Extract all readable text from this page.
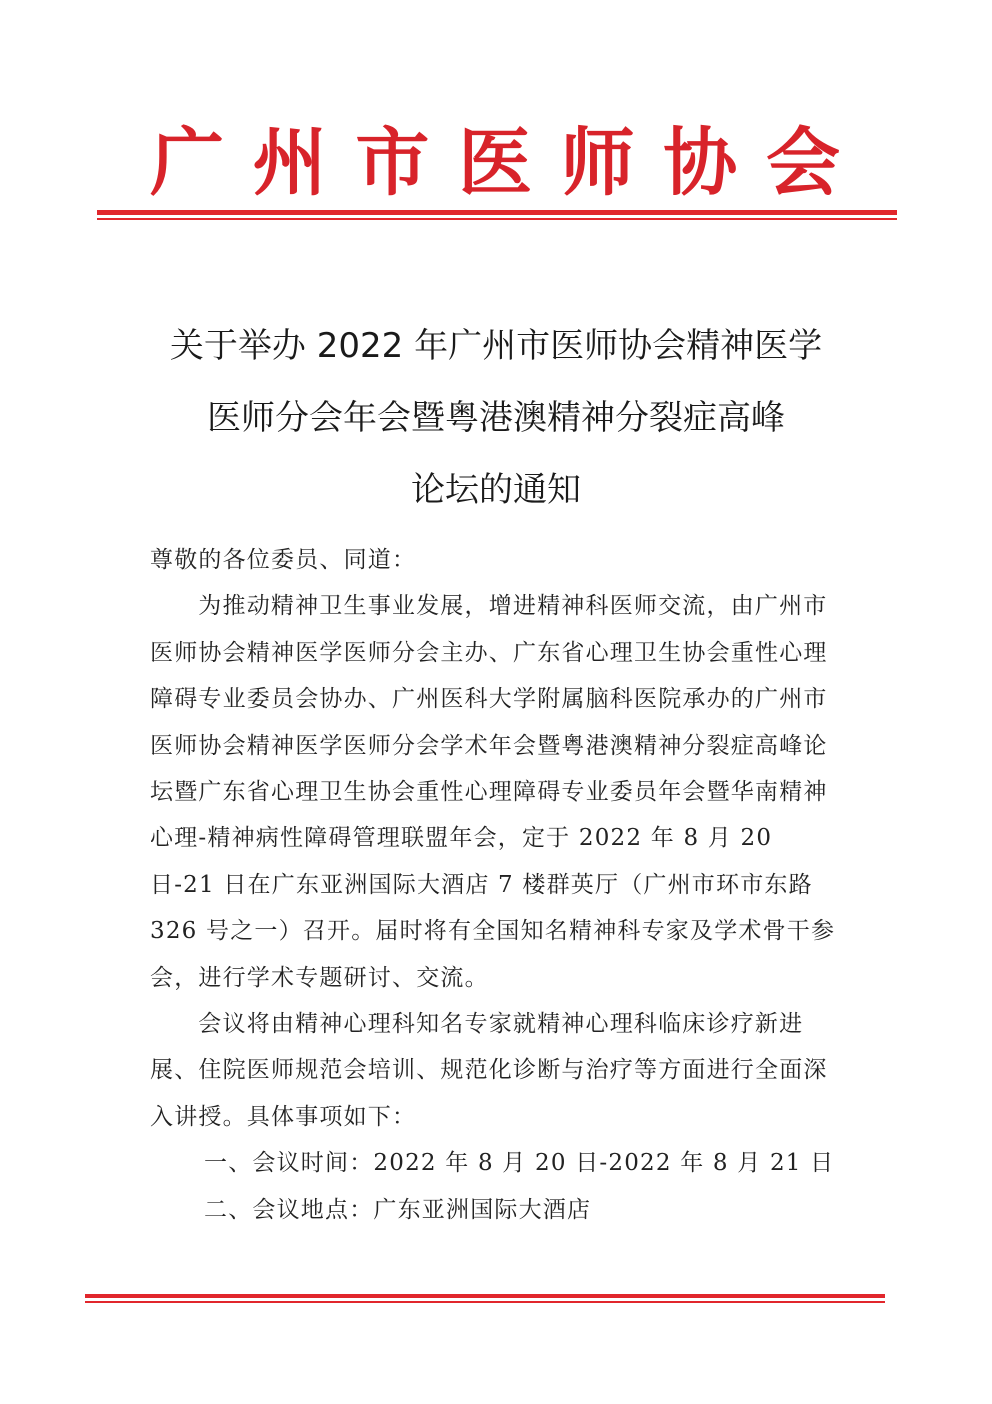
广 州 市 医 师 协 会
关于举办 2022 年广州市医师协会精神医学
医师分会年会暨粤港澳精神分裂症高峰
论坛的通知

尊敬的各位委员、同道：

为推动精神卫生事业发展，增进精神科医师交流，由广州市医师协会精神医学医师分会主办、广东省心理卫生协会重性心理障碍专业委员会协办、广州医科大学附属脑科医院承办的广州市医师协会精神医学医师分会学术年会暨粤港澳精神分裂症高峰论坛暨广东省心理卫生协会重性心理障碍专业委员年会暨华南精神心理-精神病性障碍管理联盟年会，定于 2022 年 8 月 20 日-21 日在广东亚洲国际大酒店 7 楼群英厅（广州市环市东路 326 号之一）召开。届时将有全国知名精神科专家及学术骨干参会，进行学术专题研讨、交流。

会议将由精神心理科知名专家就精神心理科临床诊疗新进展、住院医师规范会培训、规范化诊断与治疗等方面进行全面深入讲授。具体事项如下：

一、会议时间：2022 年 8 月 20 日-2022 年 8 月 21 日

二、会议地点：广东亚洲国际大酒店
